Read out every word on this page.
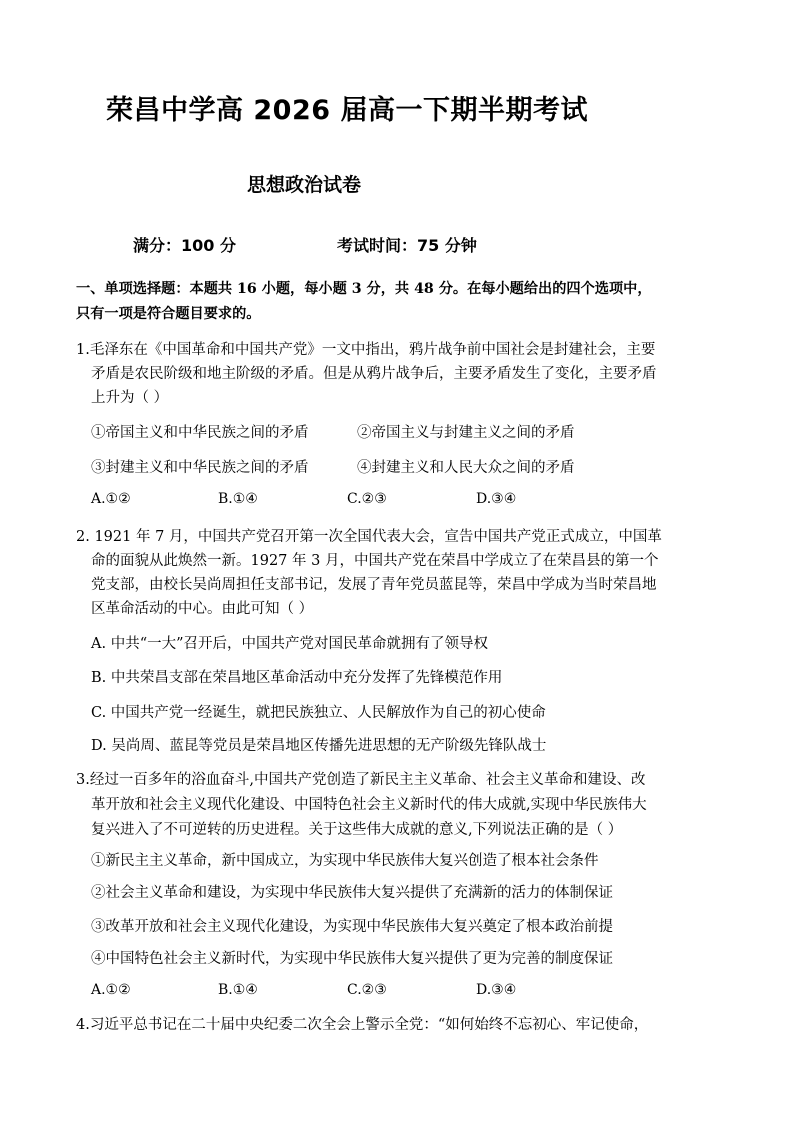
荣昌中学高 2026 届高一下期半期考试
思想政治试卷
满分：100 分	考试时间：75 分钟
一、单项选择题：本题共 16 小题，每小题 3 分，共 48 分。在每小题给出的四个选项中，
只有一项是符合题目要求的。
1.毛泽东在《中国革命和中国共产党》一文中指出，鸦片战争前中国社会是封建社会，主要
矛盾是农民阶级和地主阶级的矛盾。但是从鸦片战争后，主要矛盾发生了变化，主要矛盾
上升为（ ）
①帝国主义和中华民族之间的矛盾	②帝国主义与封建主义之间的矛盾
③封建主义和中华民族之间的矛盾	④封建主义和人民大众之间的矛盾
A.①②	B.①④	C.②③	D.③④
2. 1921 年 7 月，中国共产党召开第一次全国代表大会，宣告中国共产党正式成立，中国革
命的面貌从此焕然一新。1927 年 3 月，中国共产党在荣昌中学成立了在荣昌县的第一个
党支部，由校长吴尚周担任支部书记，发展了青年党员蓝昆等，荣昌中学成为当时荣昌地
区革命活动的中心。由此可知（ ）
A. 中共“一大”召开后，中国共产党对国民革命就拥有了领导权
B. 中共荣昌支部在荣昌地区革命活动中充分发挥了先锋模范作用
C. 中国共产党一经诞生，就把民族独立、人民解放作为自己的初心使命
D. 吴尚周、蓝昆等党员是荣昌地区传播先进思想的无产阶级先锋队战士
3.经过一百多年的浴血奋斗,中国共产党创造了新民主主义革命、社会主义革命和建设、改
革开放和社会主义现代化建设、中国特色社会主义新时代的伟大成就,实现中华民族伟大
复兴进入了不可逆转的历史进程。关于这些伟大成就的意义,下列说法正确的是（ ）
①新民主主义革命，新中国成立，为实现中华民族伟大复兴创造了根本社会条件
②社会主义革命和建设，为实现中华民族伟大复兴提供了充满新的活力的体制保证
③改革开放和社会主义现代化建设，为实现中华民族伟大复兴奠定了根本政治前提
④中国特色社会主义新时代，为实现中华民族伟大复兴提供了更为完善的制度保证
A.①②	B.①④	C.②③	D.③④
4.习近平总书记在二十届中央纪委二次全会上警示全党：“如何始终不忘初心、牢记使命，
